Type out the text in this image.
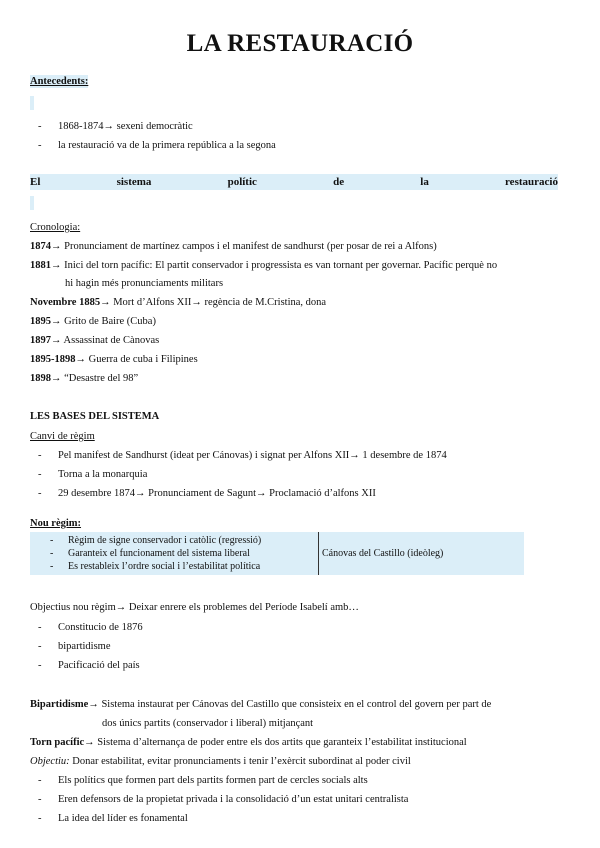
LA RESTAURACIÓ
Antecedents:
- 1868-1874→ sexeni democràtic
- la restauració va de la primera república a la segona
El	sistema	polític	de	la	restauració
Cronologia:
1874→ Pronunciament de martínez campos i el manifest de sandhurst (per posar de rei a Alfons)
1881→ Inici del torn pacífic: El partit conservador i progressista es van tornant per governar. Pacífic perquè no
hi hagin més pronunciaments militars
Novembre 1885→ Mort d’Alfons XII→ regència de M.Cristina, dona
1895→ Grito de Baire (Cuba)
1897→ Assassinat de Cànovas
1895-1898→ Guerra de cuba i Filipines
1898→ “Desastre del 98”
LES BASES DEL SISTEMA
Canvi de règim
- Pel manifest de Sandhurst (ideat per Cánovas) i signat per Alfons XII→ 1 desembre de 1874
- Torna a la monarquia
- 29 desembre 1874→ Pronunciament de Sagunt→ Proclamació d’alfons XII
Nou règim:
-	Règim de signe conservador i catòlic (regressió)
-	Garanteix el funcionament del sistema liberal
-	Es restableix l’ordre social i l’estabilitat política
	Cánovas del Castillo (ideòleg)
Objectius nou règim→ Deixar enrere els problemes del Període Isabelí amb…
- Constitucio de 1876
- bipartidisme
- Pacificació del país
Bipartidisme→ Sistema instaurat per Cánovas del Castillo que consisteix en el control del govern per part de
dos únics partits (conservador i liberal) mitjançant
Torn pacífic→ Sistema d’alternança de poder entre els dos artits que garanteix l’estabilitat institucional
Objectiu: Donar estabilitat, evitar pronunciaments i tenir l’exèrcit subordinat al poder civil
- Els polítics que formen part dels partits formen part de cercles socials alts
- Eren defensors de la propietat privada i la consolidació d’un estat unitari centralista
- La idea del líder es fonamental
